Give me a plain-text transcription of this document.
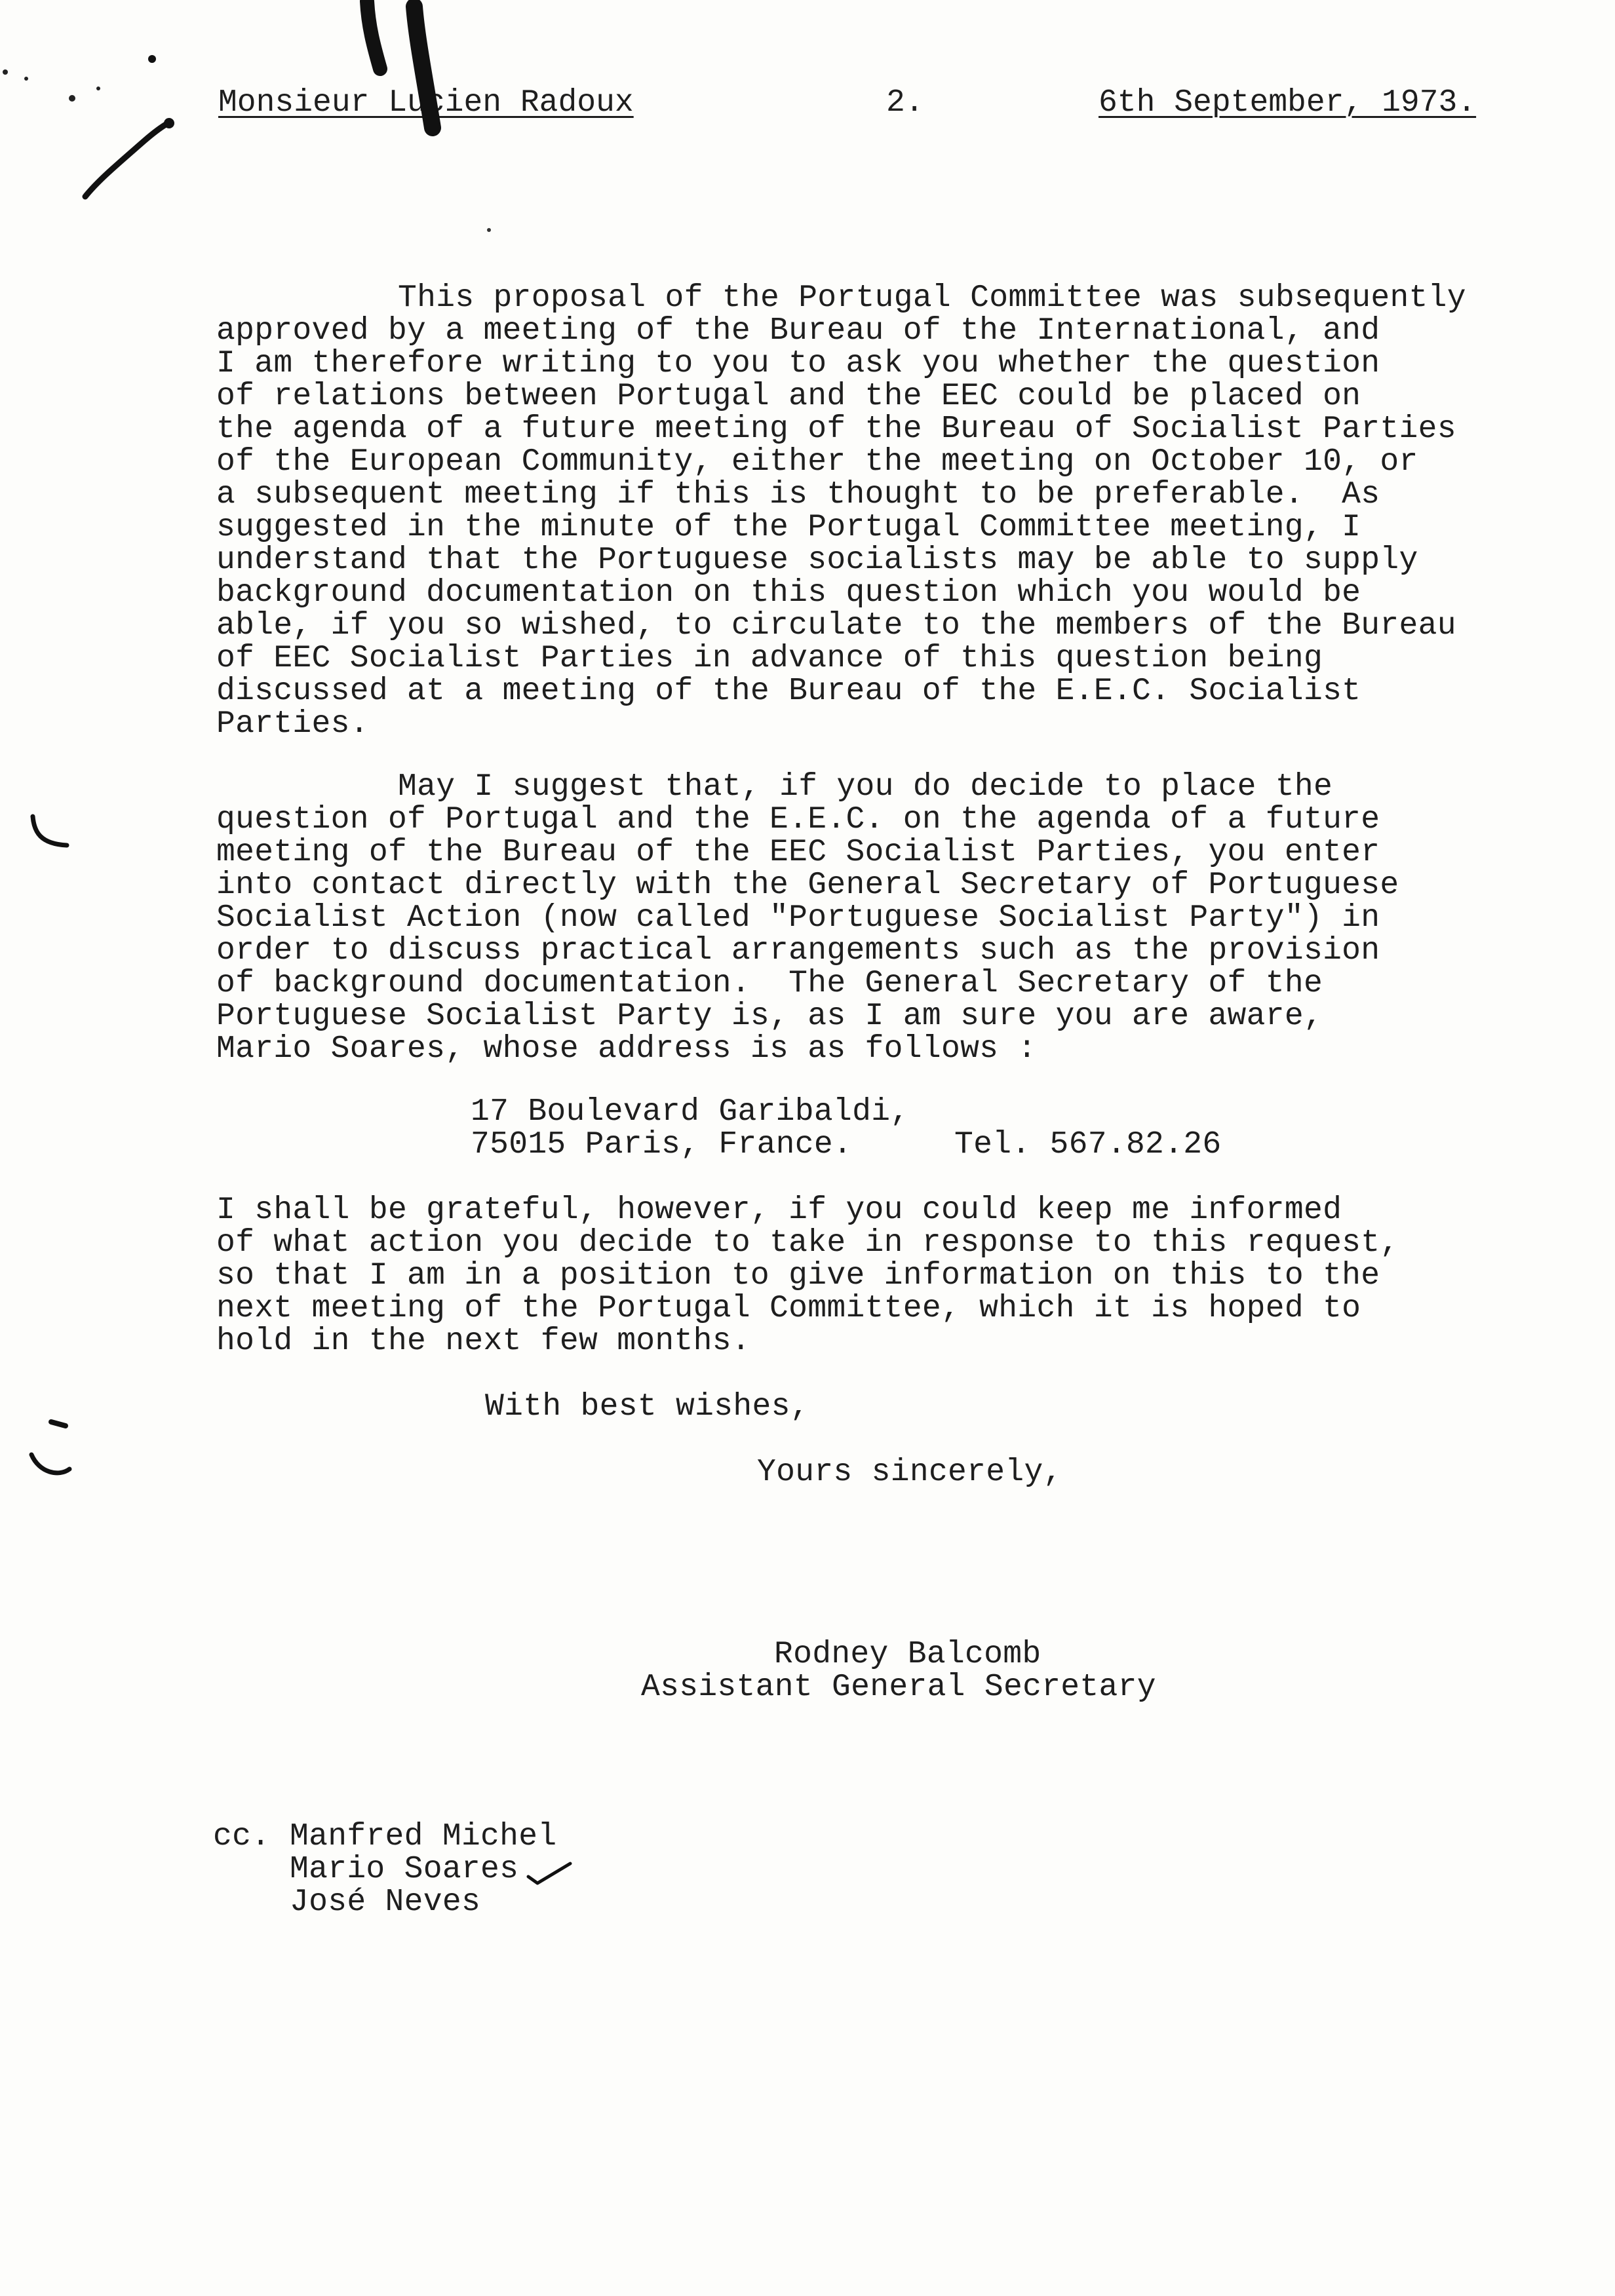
Monsieur Lucien Radoux	2.	6th September, 1973.
This proposal of the Portugal Committee was subsequently
approved by a meeting of the Bureau of the International, and
I am therefore writing to you to ask you whether the question
of relations between Portugal and the EEC could be placed on
the agenda of a future meeting of the Bureau of Socialist Parties
of the European Community, either the meeting on October 10, or
a subsequent meeting if this is thought to be preferable.  As
suggested in the minute of the Portugal Committee meeting, I
understand that the Portuguese socialists may be able to supply
background documentation on this question which you would be
able, if you so wished, to circulate to the members of the Bureau
of EEC Socialist Parties in advance of this question being
discussed at a meeting of the Bureau of the E.E.C. Socialist
Parties.
May I suggest that, if you do decide to place the
question of Portugal and the E.E.C. on the agenda of a future
meeting of the Bureau of the EEC Socialist Parties, you enter
into contact directly with the General Secretary of Portuguese
Socialist Action (now called "Portuguese Socialist Party") in
order to discuss practical arrangements such as the provision
of background documentation.  The General Secretary of the
Portuguese Socialist Party is, as I am sure you are aware,
Mario Soares, whose address is as follows :
17 Boulevard Garibaldi,
75015 Paris, France.	Tel. 567.82.26
I shall be grateful, however, if you could keep me informed
of what action you decide to take in response to this request,
so that I am in a position to give information on this to the
next meeting of the Portugal Committee, which it is hoped to
hold in the next few months.
With best wishes,
Yours sincerely,
Rodney Balcomb
Assistant General Secretary
cc. Manfred Michel
Mario Soares
José Neves
